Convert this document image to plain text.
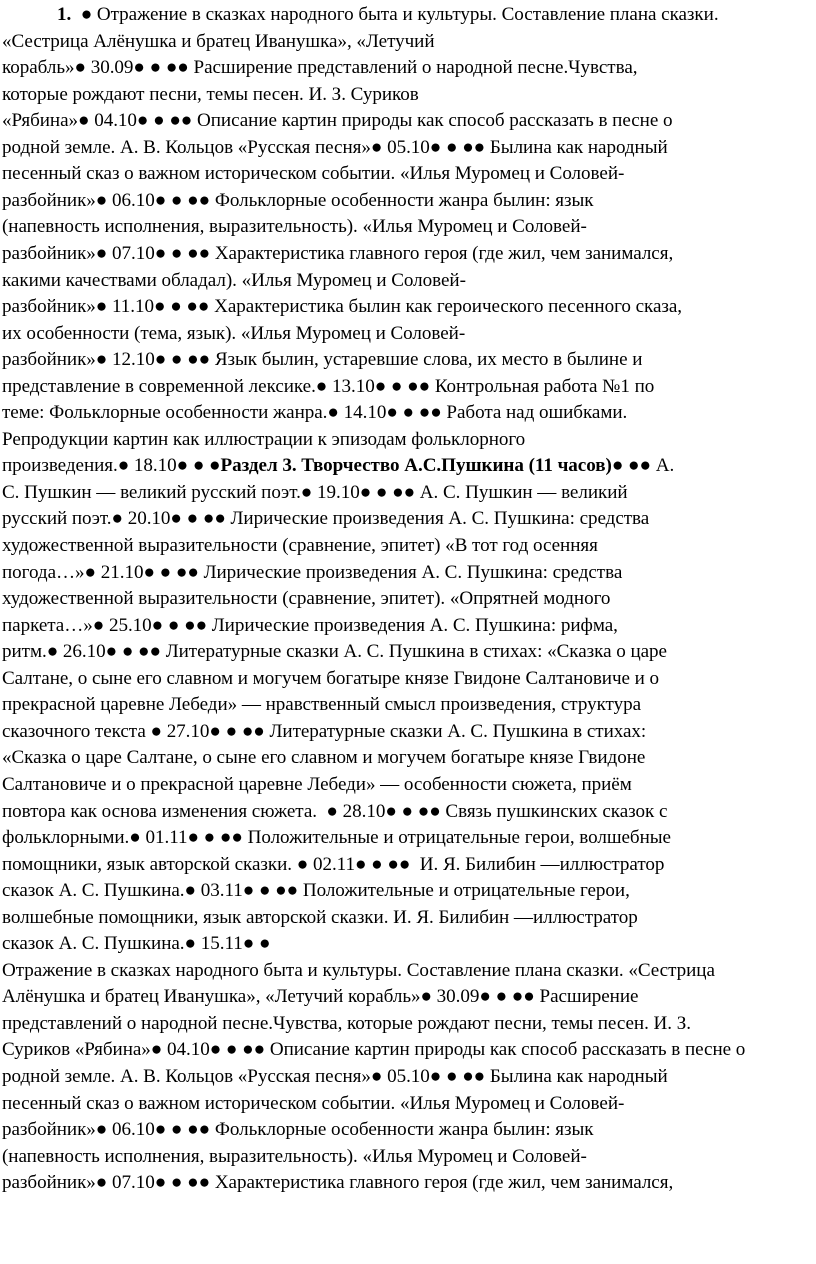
1. ● Отражение в сказках народного быта и культуры. Составление плана сказки.
«Сестрица Алёнушка и братец Иванушка», «Летучий
корабль»● 30.09● ● ●● Расширение представлений о народной песне.Чувства,
которые рождают песни, темы песен. И. З. Суриков
«Рябина»● 04.10● ● ●● Описание картин природы как способ рассказать в песне о
родной земле. А. В. Кольцов «Русская песня»● 05.10● ● ●● Былина как народный
песенный сказ о важном историческом событии. «Илья Муромец и Соловей-
разбойник»● 06.10● ● ●● Фольклорные особенности жанра былин: язык
(напевность исполнения, выразительность). «Илья Муромец и Соловей-
разбойник»● 07.10● ● ●● Характеристика главного героя (где жил, чем занимался,
какими качествами обладал). «Илья Муромец и Соловей-
разбойник»● 11.10● ● ●● Характеристика былин как героического песенного сказа,
их особенности (тема, язык). «Илья Муромец и Соловей-
разбойник»● 12.10● ● ●● Язык былин, устаревшие слова, их место в былине и
представление в современной лексике.● 13.10● ● ●● Контрольная работа №1 по
теме: Фольклорные особенности жанра.● 14.10● ● ●● Работа над ошибками.
Репродукции картин как иллюстрации к эпизодам фольклорного
произведения.● 18.10● ● ●Раздел 3. Творчество А.С.Пушкина (11 часов)● ●● А.
С. Пушкин — великий русский поэт.● 19.10● ● ●● А. С. Пушкин — великий
русский поэт.● 20.10● ● ●● Лирические произведения А. С. Пушкина: средства
художественной выразительности (сравнение, эпитет) «В тот год осенняя
погода…»● 21.10● ● ●● Лирические произведения А. С. Пушкина: средства
художественной выразительности (сравнение, эпитет). «Опрятней модного
паркета…»● 25.10● ● ●● Лирические произведения А. С. Пушкина: рифма,
ритм.● 26.10● ● ●● Литературные сказки А. С. Пушкина в стихах: «Сказка о царе
Салтане, о сыне его славном и могучем богатыре князе Гвидоне Салтановиче и о
прекрасной царевне Лебеди» — нравственный смысл произведения, структура
сказочного текста ● 27.10● ● ●● Литературные сказки А. С. Пушкина в стихах:
«Сказка о царе Салтане, о сыне его славном и могучем богатыре князе Гвидоне
Салтановиче и о прекрасной царевне Лебеди» — особенности сюжета, приём
повтора как основа изменения сюжета.  ● 28.10● ● ●● Связь пушкинских сказок с
фольклорными.● 01.11● ● ●● Положительные и отрицательные герои, волшебные
помощники, язык авторской сказки. ● 02.11● ● ●●  И. Я. Билибин —иллюстратор
сказок А. С. Пушкина.● 03.11● ● ●● Положительные и отрицательные герои,
волшебные помощники, язык авторской сказки. И. Я. Билибин —иллюстратор
сказок А. С. Пушкина.● 15.11● ●
Отражение в сказках народного быта и культуры. Составление плана сказки. «Сестрица
Алёнушка и братец Иванушка», «Летучий корабль»● 30.09● ● ●● Расширение
представлений о народной песне.Чувства, которые рождают песни, темы песен. И. З.
Суриков «Рябина»● 04.10● ● ●● Описание картин природы как способ рассказать в песне о
родной земле. А. В. Кольцов «Русская песня»● 05.10● ● ●● Былина как народный
песенный сказ о важном историческом событии. «Илья Муромец и Соловей-
разбойник»● 06.10● ● ●● Фольклорные особенности жанра былин: язык
(напевность исполнения, выразительность). «Илья Муромец и Соловей-
разбойник»● 07.10● ● ●● Характеристика главного героя (где жил, чем занимался,
